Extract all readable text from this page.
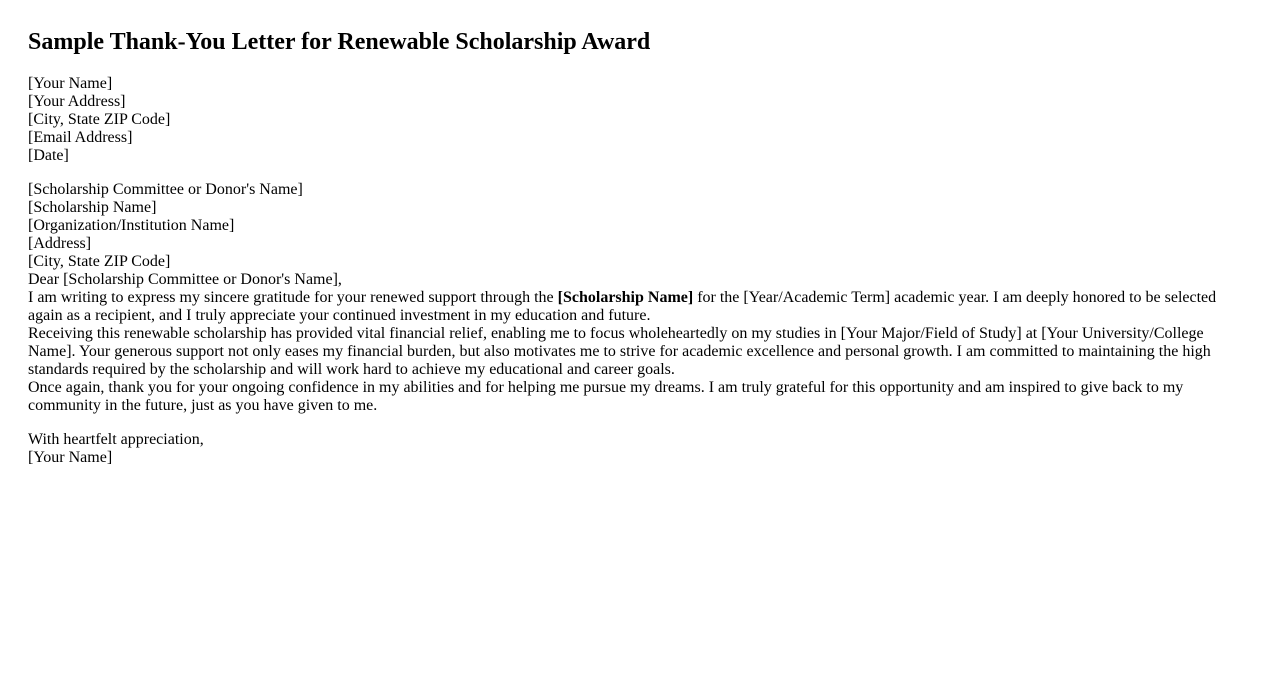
Sample Thank-You Letter for Renewable Scholarship Award
[Your Name]
[Your Address]
[City, State ZIP Code]
[Email Address]
[Date]
[Scholarship Committee or Donor's Name]
[Scholarship Name]
[Organization/Institution Name]
[Address]
[City, State ZIP Code]

Dear [Scholarship Committee or Donor's Name],

I am writing to express my sincere gratitude for your renewed support through the [Scholarship Name] for the [Year/Academic Term] academic year. I am deeply honored to be selected again as a recipient, and I truly appreciate your continued investment in my education and future.

Receiving this renewable scholarship has provided vital financial relief, enabling me to focus wholeheartedly on my studies in [Your Major/Field of Study] at [Your University/College Name]. Your generous support not only eases my financial burden, but also motivates me to strive for academic excellence and personal growth. I am committed to maintaining the high standards required by the scholarship and will work hard to achieve my educational and career goals.

Once again, thank you for your ongoing confidence in my abilities and for helping me pursue my dreams. I am truly grateful for this opportunity and am inspired to give back to my community in the future, just as you have given to me.

With heartfelt appreciation,
[Your Name]
